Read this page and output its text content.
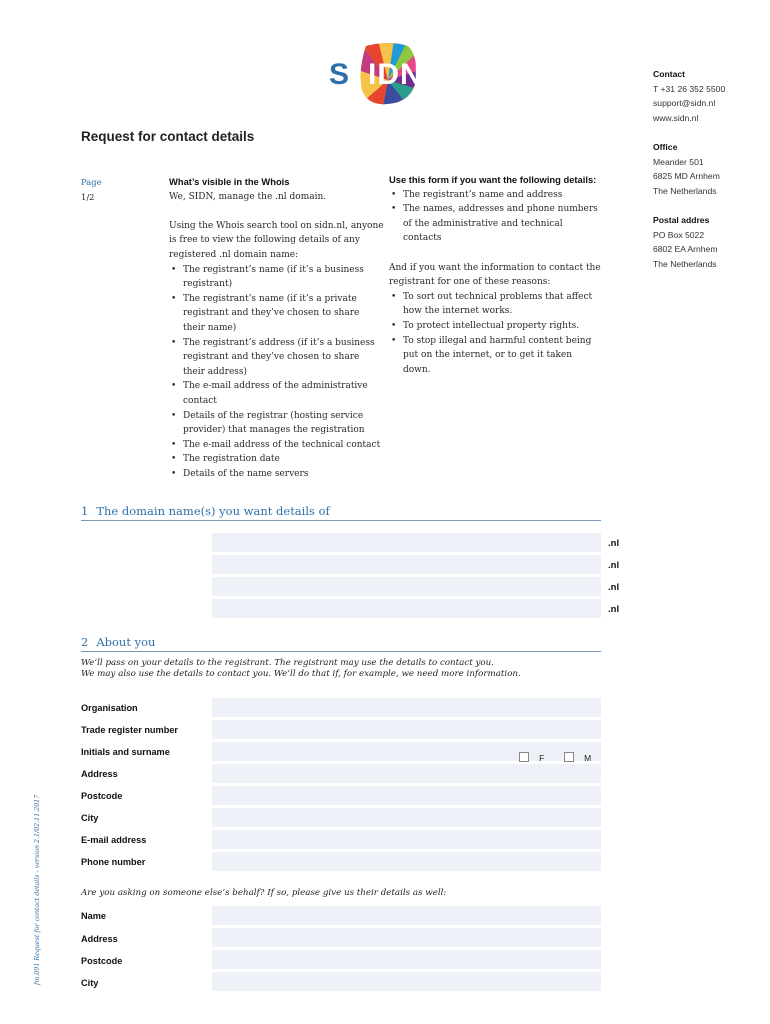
S IDN	Contact
T +31 26 352 5500
support@sidn.nl
www.sidn.nl
Office
Meander 501
6825 MD Arnhem
The Netherlands
Postal addres
PO Box 5022
6802 EA Arnhem
The Netherlands
Request for contact details
Page
1/2
What’s visible in the Whois

We, SIDN, manage the .nl domain.

Using the Whois search tool on sidn.nl, anyone is free to view the following details of any registered .nl domain name:

• The registrant’s name (if it’s a business registrant)
• The registrant’s name (if it’s a private registrant and they’ve chosen to share their name)
• The registrant’s address (if it’s a business registrant and they’ve chosen to share their address)
• The e-mail address of the administrative contact
• Details of the registrar (hosting service provider) that manages the registration
• The e-mail address of the technical contact
• The registration date
• Details of the name servers
Use this form if you want the following details:
• The registrant’s name and address
• The names, addresses and phone numbers of the administrative and technical contacts

And if you want the information to contact the registrant for one of these reasons:

• To sort out technical problems that affect how the internet works.
• To protect intellectual property rights.
• To stop illegal and harmful content being put on the internet, or to get it taken down.
1 The domain name(s) you want details of
.nl
.nl
.nl
.nl
2 About you
We’ll pass on your details to the registrant. The registrant may use the details to contact you.
We may also use the details to contact you. We’ll do that if, for example, we need more information.
Organisation
Trade register number
Initials and surname
F	M
Address
Postcode
City
E-mail address
Phone number
Are you asking on someone else’s behalf? If so, please give us their details as well:
Name
Address
Postcode
City
fm.091 Request for contact details - version 2.1/02.11.2017
